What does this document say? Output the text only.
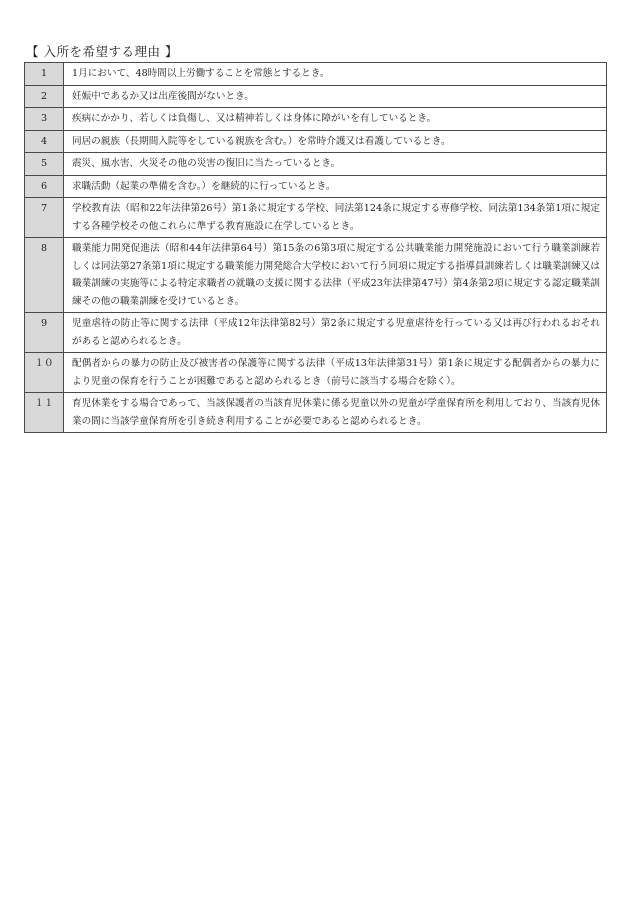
【 入所を希望する理由 】
1	1月において、48時間以上労働することを常態とするとき。
2	妊娠中であるか又は出産後間がないとき。
3	疾病にかかり、若しくは負傷し、又は精神若しくは身体に障がいを有しているとき。
4	同居の親族（長期間入院等をしている親族を含む。）を常時介護又は看護しているとき。
5	震災、風水害、火災その他の災害の復旧に当たっているとき。
6	求職活動（起業の準備を含む。）を継続的に行っているとき。
7	学校教育法（昭和22年法律第26号）第1条に規定する学校、同法第124条に規定する専修学校、同法第134条第1項に規定する各種学校その他これらに準ずる教育施設に在学しているとき。
8	職業能力開発促進法（昭和44年法律第64号）第15条の6第3項に規定する公共職業能力開発施設において行う職業訓練若しくは同法第27条第1項に規定する職業能力開発総合大学校において行う同項に規定する指導員訓練若しくは職業訓練又は職業訓練の実施等による特定求職者の就職の支援に関する法律（平成23年法律第47号）第4条第2項に規定する認定職業訓練その他の職業訓練を受けているとき。
9	児童虐待の防止等に関する法律（平成12年法律第82号）第2条に規定する児童虐待を行っている又は再び行われるおそれがあると認められるとき。
１０	配偶者からの暴力の防止及び被害者の保護等に関する法律（平成13年法律第31号）第1条に規定する配偶者からの暴力により児童の保育を行うことが困難であると認められるとき（前号に該当する場合を除く）。
１１	育児休業をする場合であって、当該保護者の当該育児休業に係る児童以外の児童が学童保育所を利用しており、当該育児休業の間に当該学童保育所を引き続き利用することが必要であると認められるとき。
